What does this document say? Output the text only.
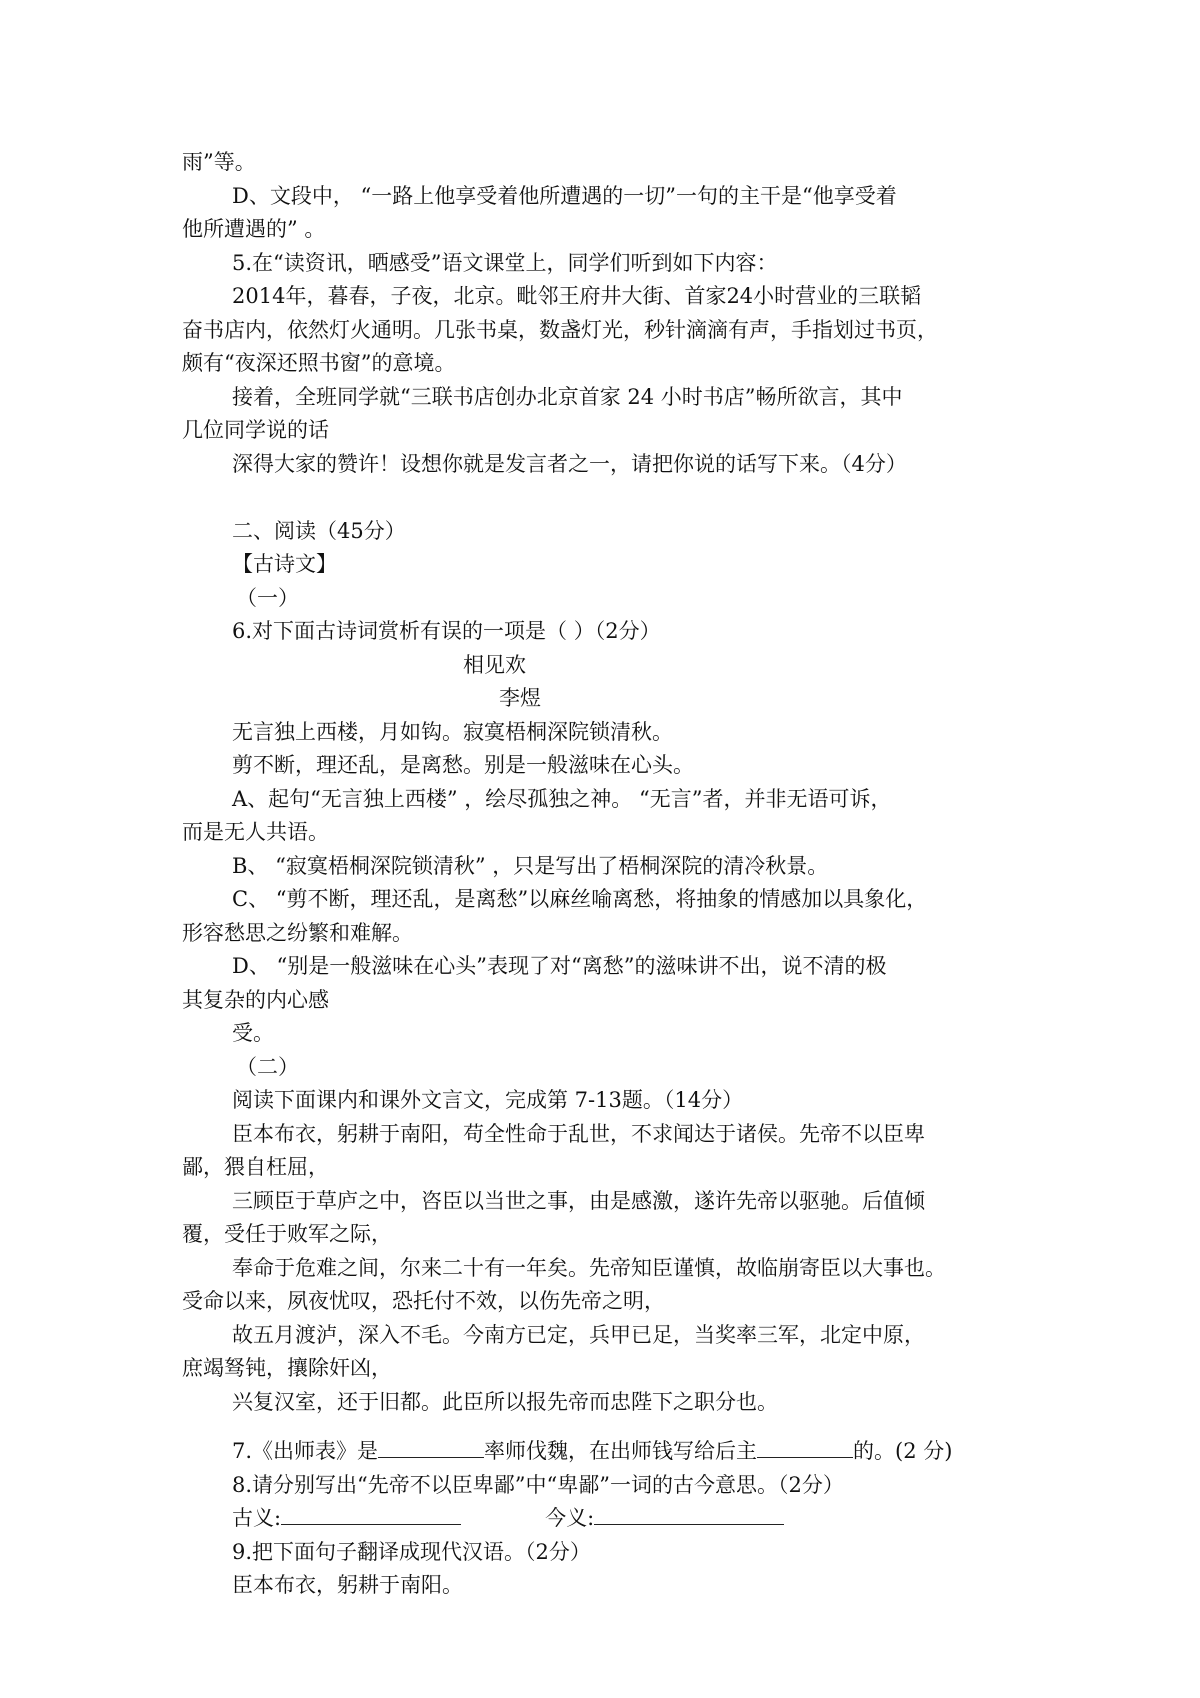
雨”等。
D、文段中， “一路上他享受着他所遭遇的一切”一句的主干是“他享受着
他所遭遇的” 。
5.在“读资讯，晒感受”语文课堂上，同学们听到如下内容：
2014年，暮春，子夜，北京。毗邻王府井大街、首家24小时营业的三联韬
奋书店内，依然灯火通明。几张书桌，数盏灯光，秒针滴滴有声，手指划过书页，
颇有“夜深还照书窗”的意境。
接着，全班同学就“三联书店创办北京首家 24 小时书店”畅所欲言，其中
几位同学说的话
深得大家的赞许！设想你就是发言者之一，请把你说的话写下来。（4分）
二、阅读（45分）
【古诗文】
（一）
6.对下面古诗词赏析有误的一项是（ ）（2分）
相见欢
李煜
无言独上西楼，月如钩。寂寞梧桐深院锁清秋。
剪不断，理还乱，是离愁。别是一般滋味在心头。
A、起句“无言独上西楼” ，绘尽孤独之神。 “无言”者，并非无语可诉，
而是无人共语。
B、 “寂寞梧桐深院锁清秋” ，只是写出了梧桐深院的清冷秋景。
C、 “剪不断，理还乱，是离愁”以麻丝喻离愁，将抽象的情感加以具象化，
形容愁思之纷繁和难解。
D、 “别是一般滋味在心头”表现了对“离愁”的滋味讲不出，说不清的极
其复杂的内心感
受。
（二）
阅读下面课内和课外文言文，完成第 7-13题。（14分）
臣本布衣，躬耕于南阳，苟全性命于乱世，不求闻达于诸侯。先帝不以臣卑
鄙，猥自枉屈，
三顾臣于草庐之中，咨臣以当世之事，由是感激，遂许先帝以驱驰。后值倾
覆，受任于败军之际，
奉命于危难之间，尔来二十有一年矣。先帝知臣谨慎，故临崩寄臣以大事也。
受命以来，夙夜忧叹，恐托付不效，以伤先帝之明，
故五月渡泸，深入不毛。今南方已定，兵甲已足，当奖率三军，北定中原，
庶竭驽钝，攘除奸凶，
兴复汉室，还于旧都。此臣所以报先帝而忠陛下之职分也。
7.《出师表》是	率师伐魏，在出师钱写给后主	的。(2 分)
8.请分别写出“先帝不以臣卑鄙”中“卑鄙”一词的古今意思。（2分）
古义:	今义:
9.把下面句子翻译成现代汉语。（2分）
臣本布衣，躬耕于南阳。
